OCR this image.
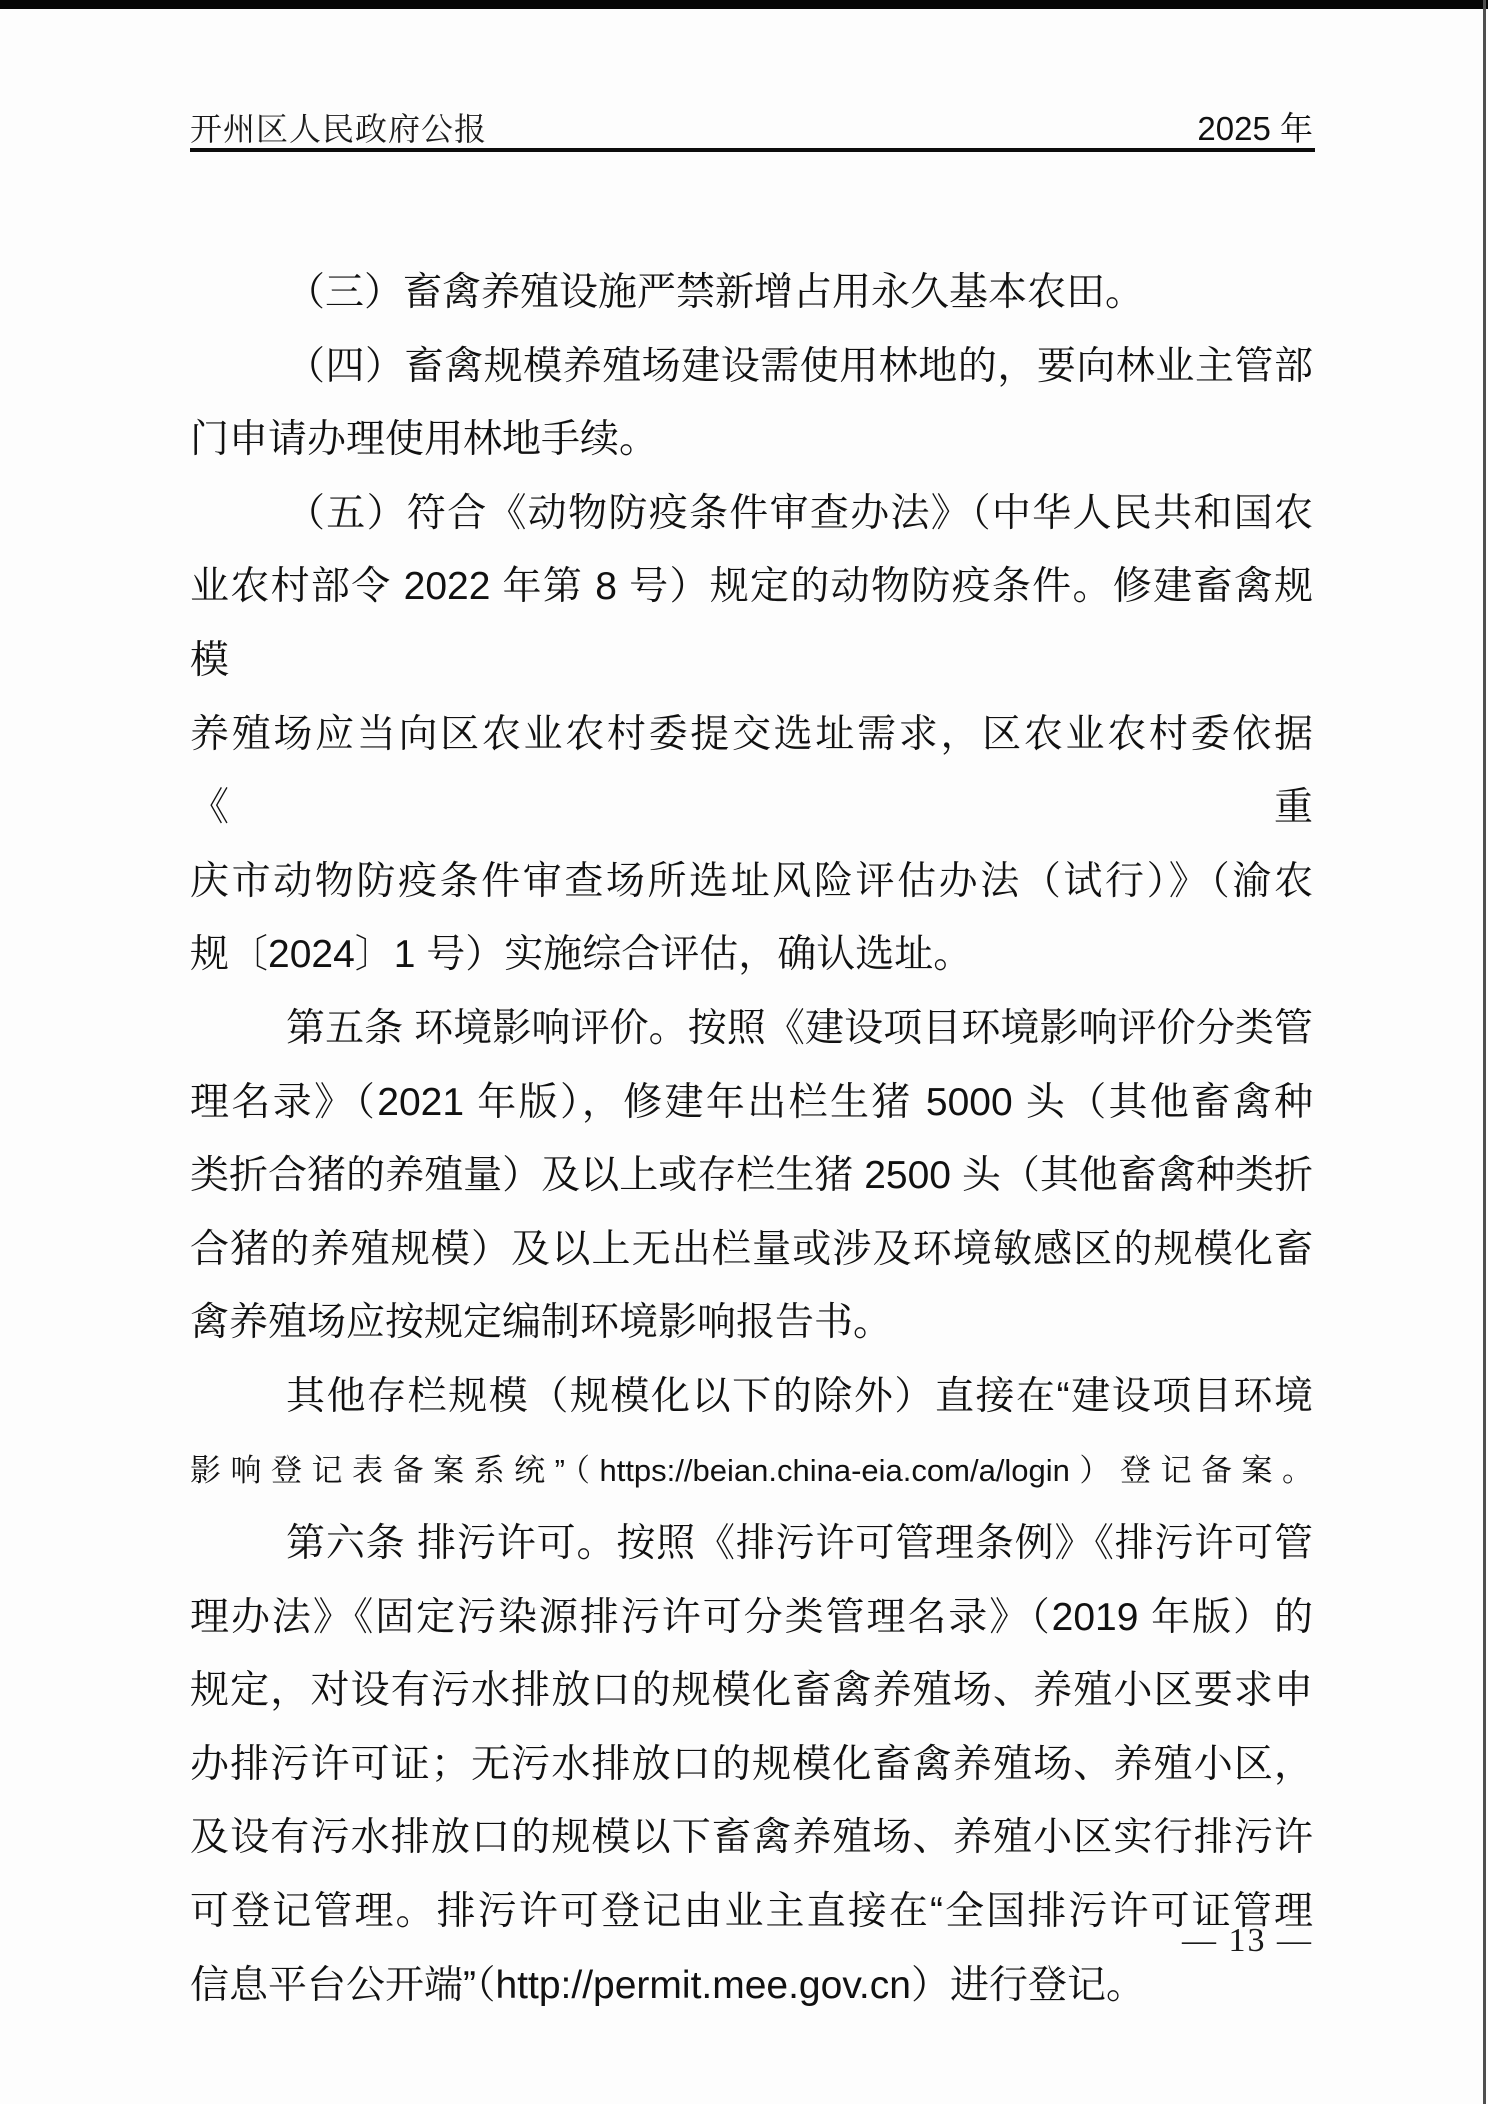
开州区人民政府公报	2025 年

（三）畜禽养殖设施严禁新增占用永久基本农田。

（四）畜禽规模养殖场建设需使用林地的，要向林业主管部

门申请办理使用林地手续。

（五）符合《动物防疫条件审查办法》（中华人民共和国农

业农村部令 2022 年第 8 号）规定的动物防疫条件。修建畜禽规模

养殖场应当向区农业农村委提交选址需求，区农业农村委依据《重

庆市动物防疫条件审查场所选址风险评估办法（试行）》（渝农

规〔2024〕1 号）实施综合评估，确认选址。

第五条 环境影响评价。按照《建设项目环境影响评价分类管

理名录》（2021 年版），修建年出栏生猪 5000 头（其他畜禽种

类折合猪的养殖量）及以上或存栏生猪 2500 头（其他畜禽种类折

合猪的养殖规模）及以上无出栏量或涉及环境敏感区的规模化畜

禽养殖场应按规定编制环境影响报告书。

其他存栏规模（规模化以下的除外）直接在“建设项目环境

影响登记表备案系统”（https://beian.china-eia.com/a/login）登记备案。

第六条 排污许可。按照《排污许可管理条例》《排污许可管

理办法》《固定污染源排污许可分类管理名录》（2019 年版）的

规定，对设有污水排放口的规模化畜禽养殖场、养殖小区要求申

办排污许可证；无污水排放口的规模化畜禽养殖场、养殖小区，

及设有污水排放口的规模以下畜禽养殖场、养殖小区实行排污许

可登记管理。排污许可登记由业主直接在“全国排污许可证管理

信息平台公开端”（http://permit.mee.gov.cn）进行登记。

— 13 —
